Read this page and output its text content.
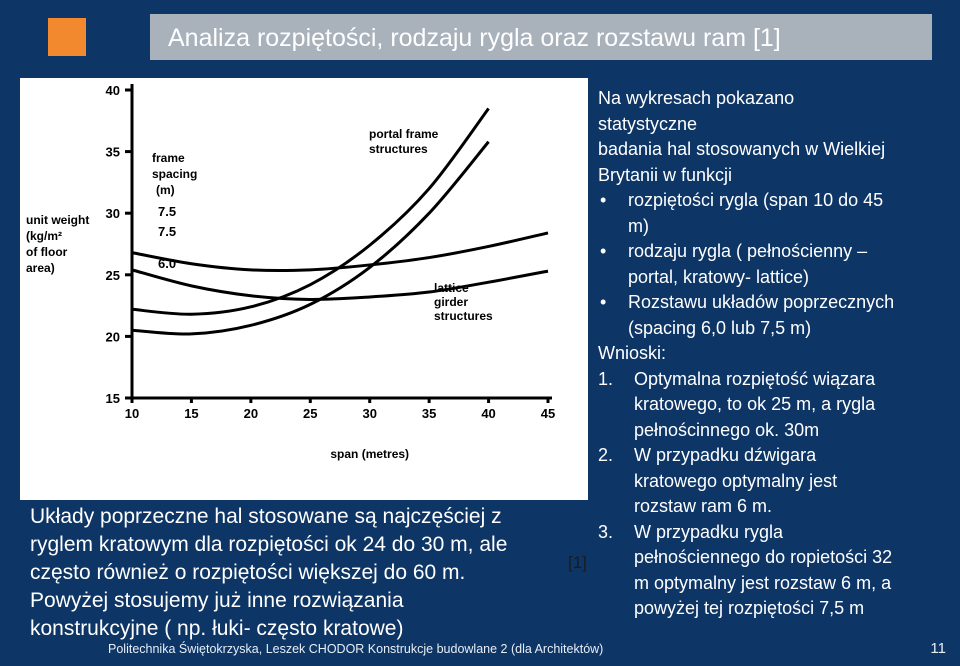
Analiza rozpiętości, rodzaju rygla oraz rozstawu ram [1]
15
20
25
30
35
40
10	15	20	25	30	35	40	45
span (metres)
unit weight
(kg/m²
of floor
area)
frame
spacing
(m)
7.5
7.5
6.0
portal frame
structures
lattice
girder
structures
[1]
Układy poprzeczne hal stosowane są najczęściej z
ryglem kratowym dla rozpiętości ok 24 do 30 m, ale
często również o rozpiętości większej do 60 m.
Powyżej stosujemy już inne rozwiązania
konstrukcyjne ( np. łuki- często kratowe)
Na wykresach pokazano
statystyczne
badania hal stosowanych w Wielkiej
Brytanii w funkcji
• rozpiętości rygla (span 10 do 45
m)
• rodzaju rygla ( pełnościenny –
portal, kratowy- lattice)
• Rozstawu układów poprzecznych
(spacing 6,0 lub 7,5 m)
Wnioski:
1. Optymalna rozpiętość wiązara
kratowego, to ok 25 m, a rygla
pełnościnnego ok. 30m
2. W przypadku dźwigara
kratowego optymalny jest
rozstaw ram 6 m.
3. W przypadku rygla
pełnościennego do ropietości 32
m optymalny jest rozstaw 6 m, a
powyżej tej rozpiętości 7,5 m
Politechnika Świętokrzyska, Leszek CHODOR Konstrukcje budowlane 2 (dla Architektów)	11
